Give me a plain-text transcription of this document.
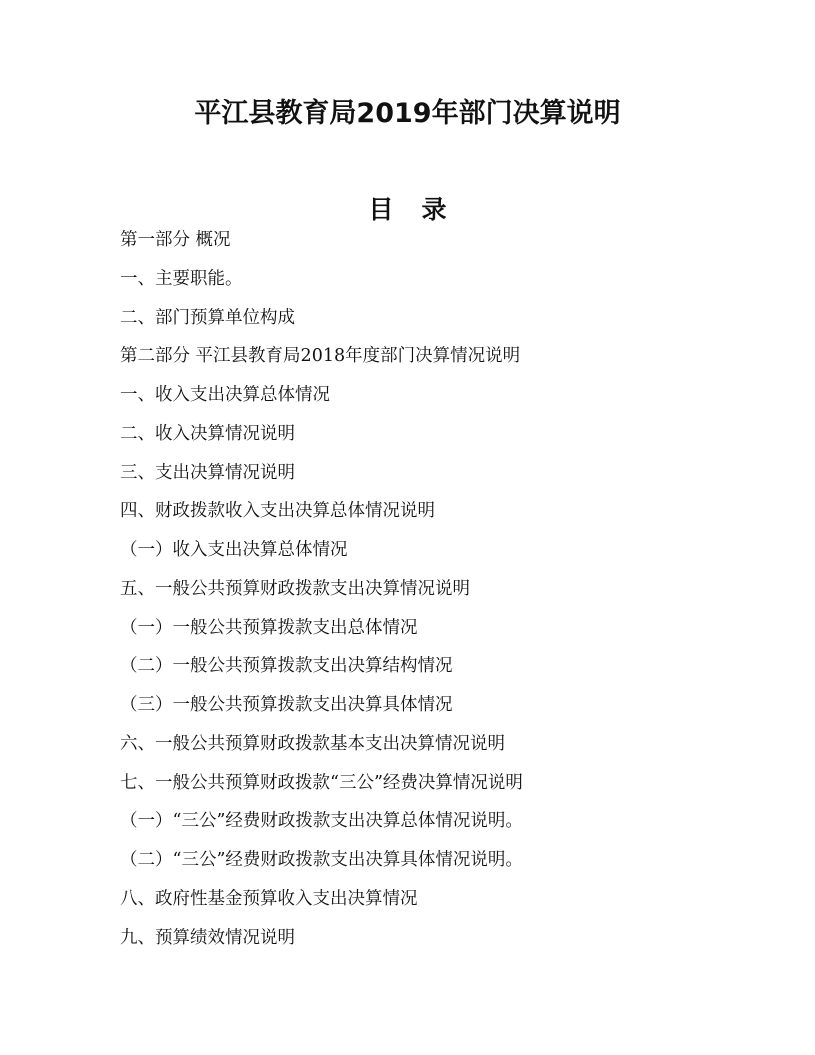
平江县教育局2019年部门决算说明
目 录
第一部分 概况
一、主要职能。
二、部门预算单位构成
第二部分 平江县教育局2018年度部门决算情况说明
一、收入支出决算总体情况
二、收入决算情况说明
三、支出决算情况说明
四、财政拨款收入支出决算总体情况说明
（一）收入支出决算总体情况
五、一般公共预算财政拨款支出决算情况说明
（一）一般公共预算拨款支出总体情况
（二）一般公共预算拨款支出决算结构情况
（三）一般公共预算拨款支出决算具体情况
六、一般公共预算财政拨款基本支出决算情况说明
七、一般公共预算财政拨款“三公”经费决算情况说明
（一）“三公”经费财政拨款支出决算总体情况说明。
（二）“三公”经费财政拨款支出决算具体情况说明。
八、政府性基金预算收入支出决算情况
九、预算绩效情况说明
